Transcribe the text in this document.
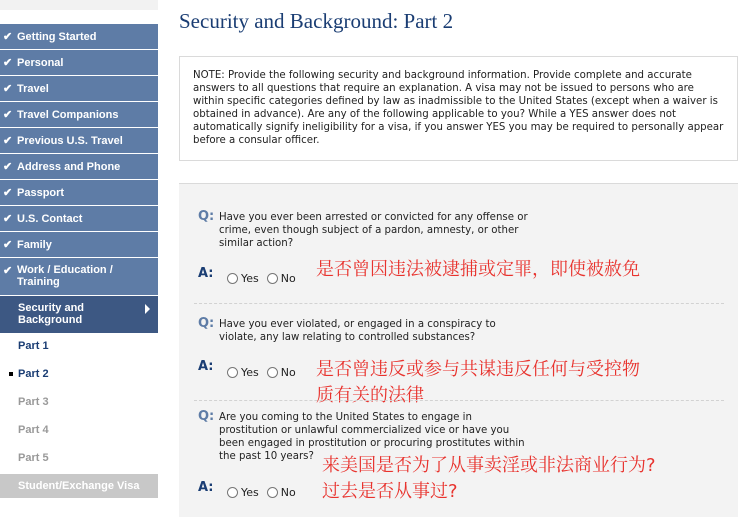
✔ Getting Started
✔ Personal
✔ Travel
✔ Travel Companions
✔ Previous U.S. Travel
✔ Address and Phone
✔ Passport
✔ U.S. Contact
✔ Family
✔ Work / Education / Training
Security and Background
Part 1
Part 2
Part 3
Part 4
Part 5
Student/Exchange Visa
Security and Background: Part 2
NOTE: Provide the following security and background information. Provide complete and accurate answers to all questions that require an explanation. A visa may not be issued to persons who are within specific categories defined by law as inadmissible to the United States (except when a waiver is obtained in advance). Are any of the following applicable to you? While a YES answer does not automatically signify ineligibility for a visa, if you answer YES you may be required to personally appear before a consular officer.
Q: Have you ever been arrested or convicted for any offense or
crime, even though subject of a pardon, amnesty, or other
similar action?
A: Yes No 是否曾因违法被逮捕或定罪，即使被赦免
Q: Have you ever violated, or engaged in a conspiracy to
violate, any law relating to controlled substances?
A: Yes No 是否曾违反或参与共谋违反任何与受控物
质有关的法律
Q: Are you coming to the United States to engage in
prostitution or unlawful commercialized vice or have you
been engaged in prostitution or procuring prostitutes within
the past 10 years?
A: Yes No
来美国是否为了从事卖淫或非法商业行为?
过去是否从事过?
